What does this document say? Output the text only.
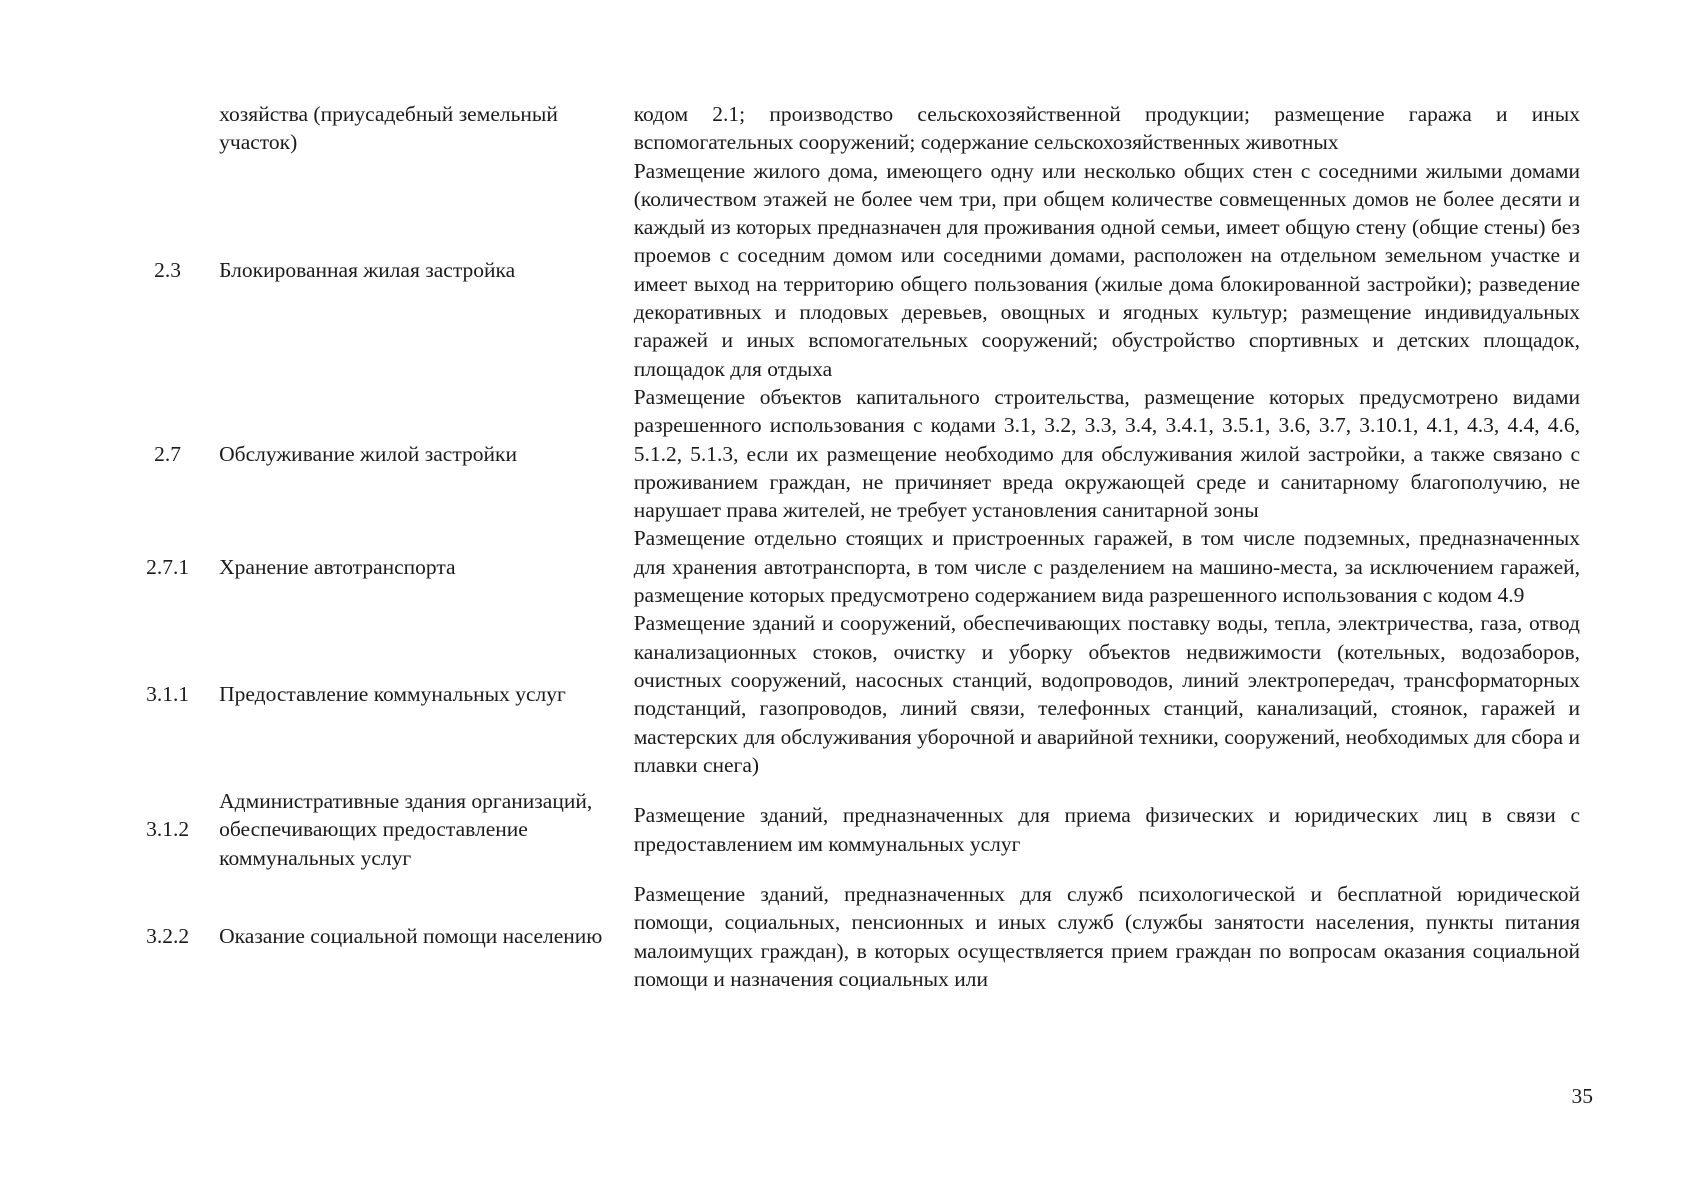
	хозяйства (приусадебный земельный участок)	кодом 2.1; производство сельскохозяйственной продукции; размещение гаража и иных вспомогательных сооружений; содержание сельскохозяйственных животных
2.3	Блокированная жилая застройка	Размещение жилого дома, имеющего одну или несколько общих стен с соседними жилыми домами (количеством этажей не более чем три, при общем количестве совмещенных домов не более десяти и каждый из которых предназначен для проживания одной семьи, имеет общую стену (общие стены) без проемов с соседним домом или соседними домами, расположен на отдельном земельном участке и имеет выход на территорию общего пользования (жилые дома блокированной застройки); разведение декоративных и плодовых деревьев, овощных и ягодных культур; размещение индивидуальных гаражей и иных вспомогательных сооружений; обустройство спортивных и детских площадок, площадок для отдыха
2.7	Обслуживание жилой застройки	Размещение объектов капитального строительства, размещение которых предусмотрено видами разрешенного использования с кодами 3.1, 3.2, 3.3, 3.4, 3.4.1, 3.5.1, 3.6, 3.7, 3.10.1, 4.1, 4.3, 4.4, 4.6, 5.1.2, 5.1.3, если их размещение необходимо для обслуживания жилой застройки, а также связано с проживанием граждан, не причиняет вреда окружающей среде и санитарному благополучию, не нарушает права жителей, не требует установления санитарной зоны
2.7.1	Хранение автотранспорта	Размещение отдельно стоящих и пристроенных гаражей, в том числе подземных, предназначенных для хранения автотранспорта, в том числе с разделением на машино-места, за исключением гаражей, размещение которых предусмотрено содержанием вида разрешенного использования с кодом 4.9
3.1.1	Предоставление коммунальных услуг	Размещение зданий и сооружений, обеспечивающих поставку воды, тепла, электричества, газа, отвод канализационных стоков, очистку и уборку объектов недвижимости (котельных, водозаборов, очистных сооружений, насосных станций, водопроводов, линий электропередач, трансформаторных подстанций, газопроводов, линий связи, телефонных станций, канализаций, стоянок, гаражей и мастерских для обслуживания уборочной и аварийной техники, сооружений, необходимых для сбора и плавки снега)

3.1.2	Административные здания организаций, обеспечивающих предоставление коммунальных услуг	Размещение зданий, предназначенных для приема физических и юридических лиц в связи с предоставлением им коммунальных услуг

3.2.2	Оказание социальной помощи населению	Размещение зданий, предназначенных для служб психологической и бесплатной юридической помощи, социальных, пенсионных и иных служб (службы занятости населения, пункты питания малоимущих граждан), в которых осуществляется прием граждан по вопросам оказания социальной помощи и назначения социальных или
35
